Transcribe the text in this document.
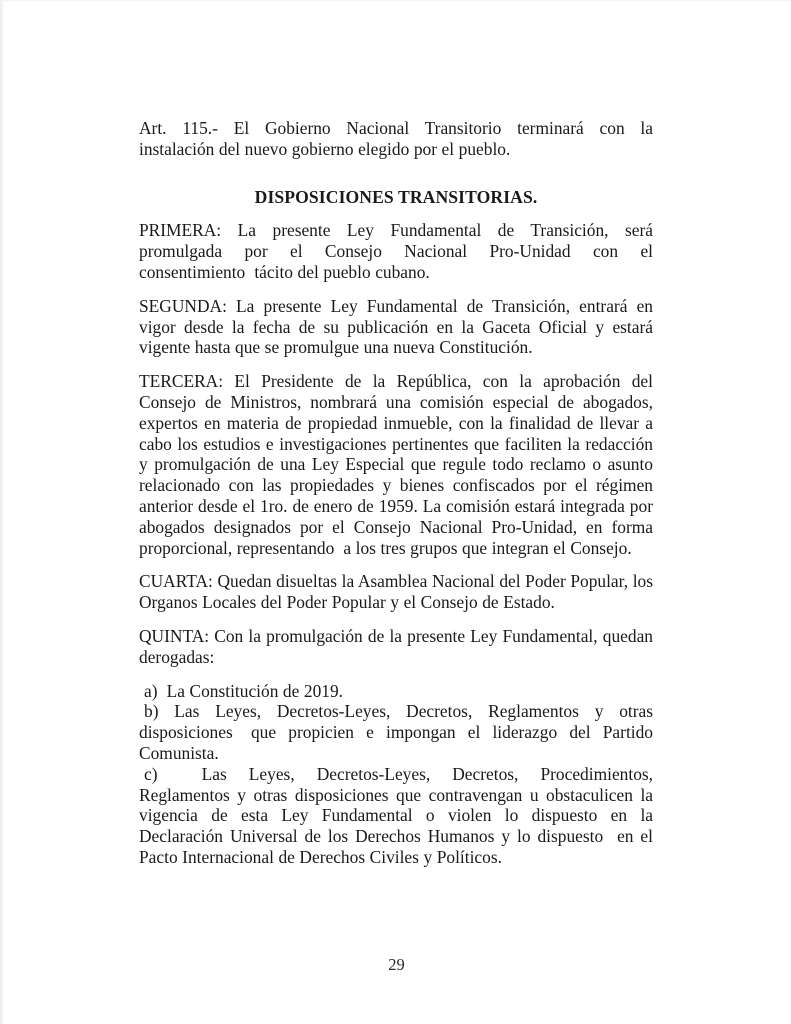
Art.  115.-  El  Gobierno  Nacional  Transitorio  terminará  con  la instalación del nuevo gobierno elegido por el pueblo.

DISPOSICIONES TRANSITORIAS.

PRIMERA:  La  presente  Ley  Fundamental  de  Transición,  será promulgada  por  el  Consejo  Nacional  Pro-Unidad  con  el consentimiento  tácito del pueblo cubano.

SEGUNDA: La presente Ley Fundamental de Transición, entrará en vigor desde la fecha de su publicación en la Gaceta Oficial y estará vigente hasta que se promulgue una nueva Constitución.

TERCERA: El Presidente de la República, con la aprobación del Consejo de Ministros, nombrará una comisión especial de abogados, expertos en materia de propiedad inmueble, con la finalidad de llevar a cabo los estudios e investigaciones pertinentes que faciliten la redacción y promulgación de una Ley Especial que regule todo reclamo o asunto relacionado con las propiedades y bienes confiscados por el régimen anterior desde el 1ro. de enero de 1959. La comisión estará integrada por abogados designados por el Consejo Nacional Pro-Unidad, en forma proporcional, representando  a los tres grupos que integran el Consejo.

CUARTA: Quedan disueltas la Asamblea Nacional del Poder Popular, los Organos Locales del Poder Popular y el Consejo de Estado.

QUINTA: Con la promulgación de la presente Ley Fundamental, quedan derogadas:

a)  La Constitución de 2019.

b)  Las  Leyes,  Decretos-Leyes,  Decretos,  Reglamentos  y  otras disposiciones   que  propicien  e  impongan  el  liderazgo  del  Partido Comunista.

c)      Las   Leyes,   Decretos-Leyes,   Decretos,   Procedimientos, Reglamentos y otras disposiciones que contravengan u obstaculicen la vigencia de esta Ley Fundamental o violen lo dispuesto en la Declaración Universal de los Derechos Humanos y lo dispuesto  en el Pacto Internacional de Derechos Civiles y Políticos.

29
